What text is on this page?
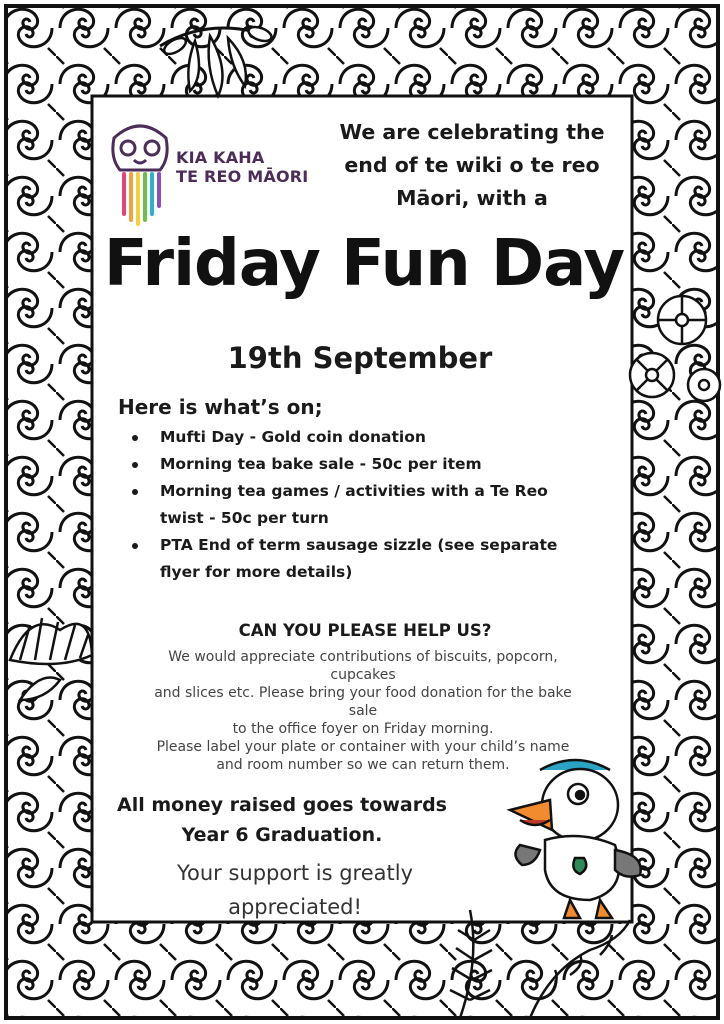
KIA KAHA
TE REO MĀORI
We are celebrating the
end of te wiki o te reo
Māori, with a
Friday Fun Day
19th September
Here is what’s on;
Mufti Day - Gold coin donation
Morning tea bake sale - 50c per item
Morning tea games / activities with a Te Reo
twist - 50c per turn
PTA End of term sausage sizzle (see separate
flyer for more details)
CAN YOU PLEASE HELP US?
We would appreciate contributions of biscuits, popcorn,
cupcakes
and slices etc. Please bring your food donation for the bake
sale
to the office foyer on Friday morning.
Please label your plate or container with your child’s name
and room number so we can return them.
All money raised goes towards
Year 6 Graduation.
Your support is greatly
appreciated!
